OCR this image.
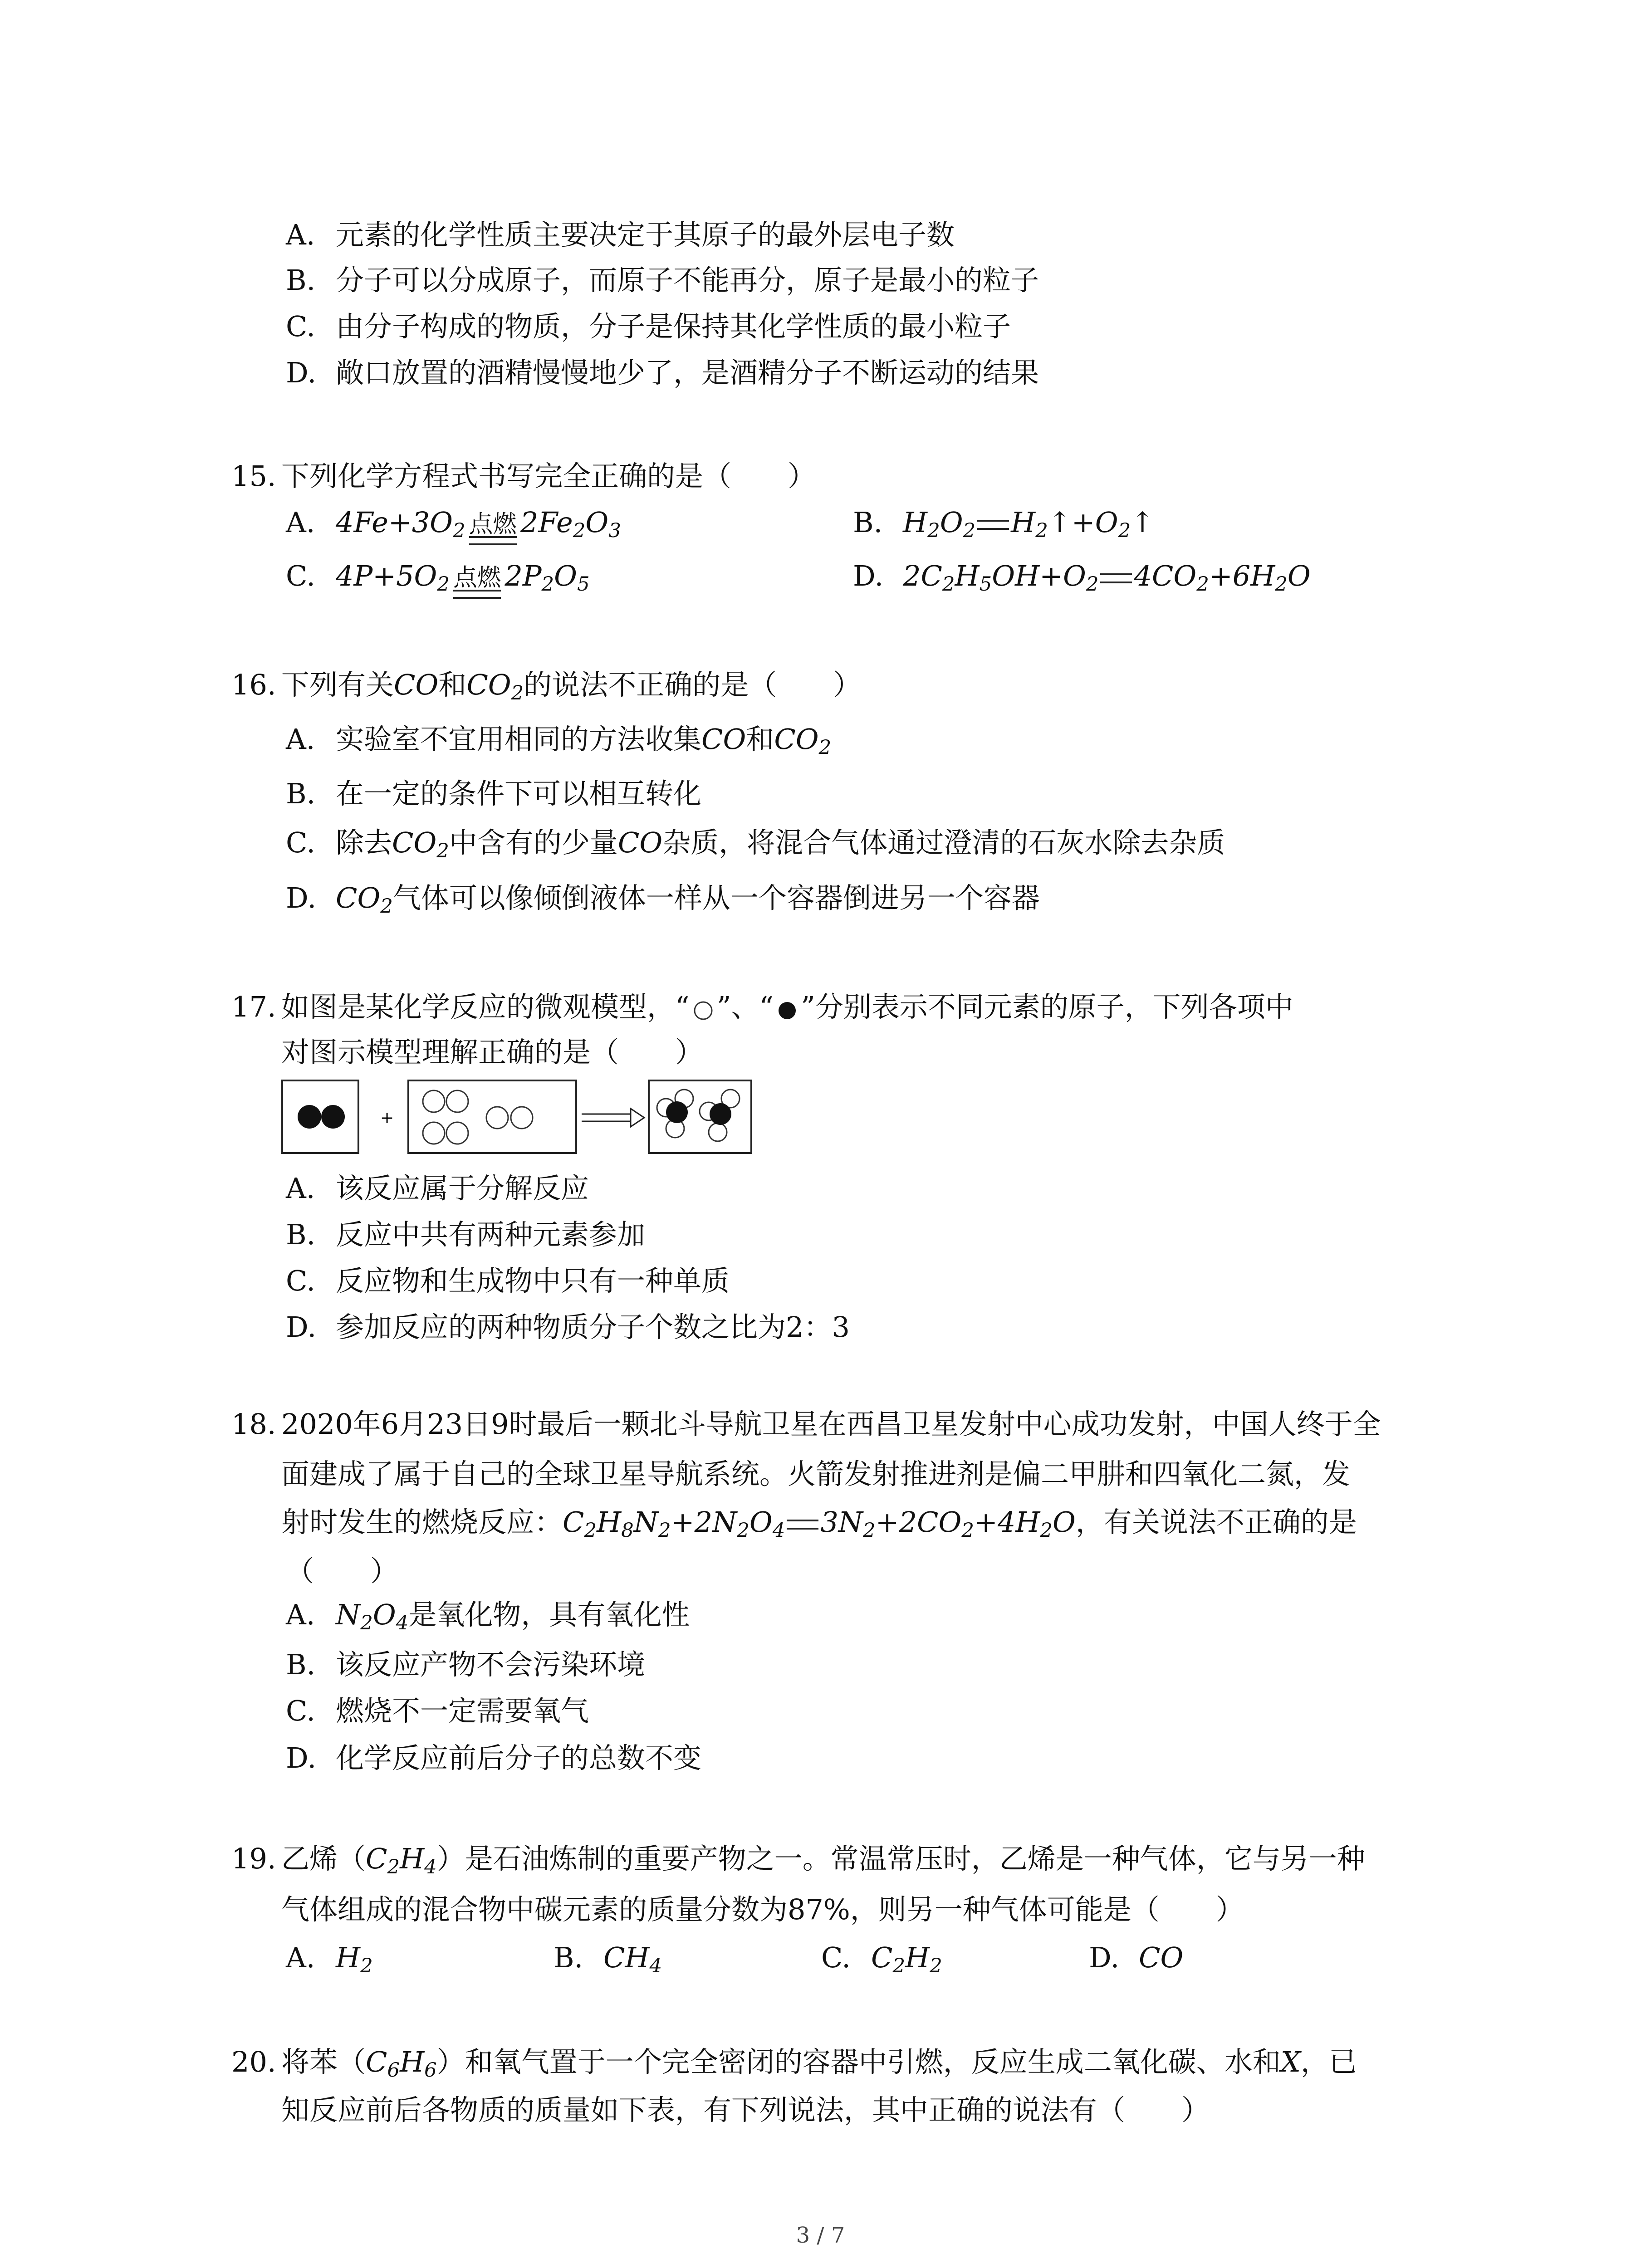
A. 元素的化学性质主要决定于其原子的最外层电子数
B. 分子可以分成原子，而原子不能再分，原子是最小的粒子
C. 由分子构成的物质，分子是保持其化学性质的最小粒子
D. 敞口放置的酒精慢慢地少了，是酒精分子不断运动的结果
15. 下列化学方程式书写完全正确的是（　　）
A. $4Fe+3O_2$ 点燃 $2Fe_2O_3$	B. $H_2O_2$ $H_2↑+O_2↑$
C. $4P+5O_2$ 点燃 $2P_2O_5$	D. $2C_2H_5OH+O_2$ $4CO_2+6H_2O$
16. 下列有关CO和$CO_2$的说法不正确的是（　　）
A. 实验室不宜用相同的方法收集CO和$CO_2$
B. 在一定的条件下可以相互转化
C. 除去$CO_2$中含有的少量CO杂质，将混合气体通过澄清的石灰水除去杂质
D. $CO_2$气体可以像倾倒液体一样从一个容器倒进另一个容器
17. 如图是某化学反应的微观模型，“ ”、“ ”分别表示不同元素的原子，下列各项中
对图示模型理解正确的是（　　）
+
A. 该反应属于分解反应
B. 反应中共有两种元素参加
C. 反应物和生成物中只有一种单质
D. 参加反应的两种物质分子个数之比为2：3
18. 2020年6月23日9时最后一颗北斗导航卫星在西昌卫星发射中心成功发射，中国人终于全
面建成了属于自己的全球卫星导航系统。火箭发射推进剂是偏二甲肼和四氧化二氮，发
射时发生的燃烧反应：$C_2H_8N_2+2N_2O_4$ $3N_2+2CO_2+4H_2O$，有关说法不正确的是
（　　）
A. $N_2O_4$是氧化物，具有氧化性
B. 该反应产物不会污染环境
C. 燃烧不一定需要氧气
D. 化学反应前后分子的总数不变
19. 乙烯$(C_2H_4)$是石油炼制的重要产物之一。常温常压时，乙烯是一种气体，它与另一种
气体组成的混合物中碳元素的质量分数为87%，则另一种气体可能是（　　）
A. $H_2$	B. $CH_4$	C. $C_2H_2$	D. CO
20. 将苯$(C_6H_6)$和氧气置于一个完全密闭的容器中引燃，反应生成二氧化碳、水和X，已
知反应前后各物质的质量如下表，有下列说法，其中正确的说法有（　　）
3 / 7
